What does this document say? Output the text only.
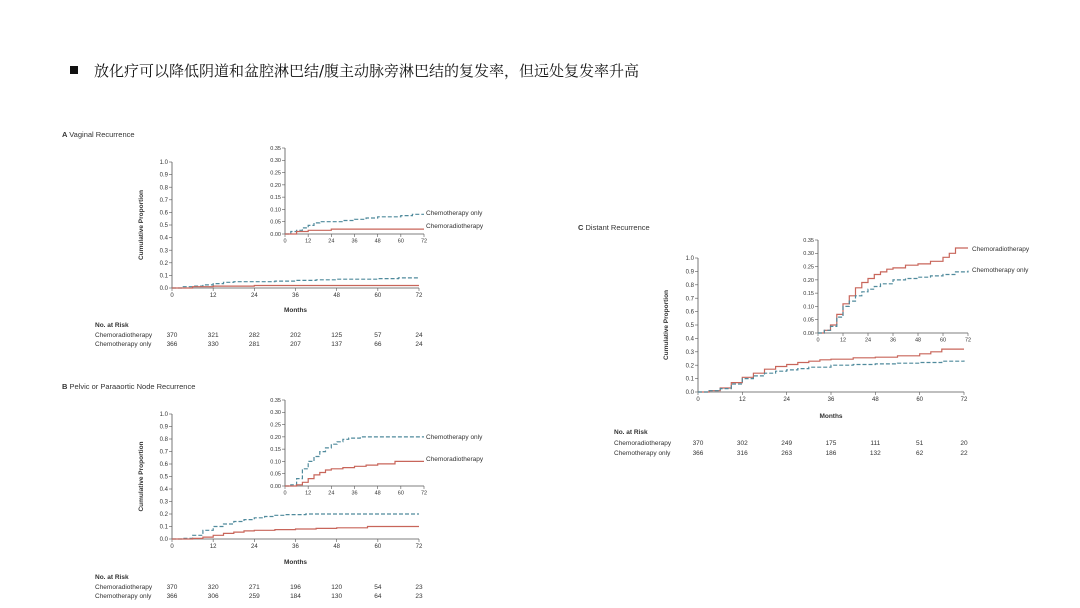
放化疗可以降低阴道和盆腔淋巴结/腹主动脉旁淋巴结的复发率，但远处复发率升高
A Vaginal Recurrence
0	12	24	36	48	60	72
0.0
0.1
0.2
0.3
0.4
0.5
0.6
0.7
0.8
0.9
1.0
Cumulative Proportion
Months
0	12	24	36	48	60	72
0.00
0.05
0.10
0.15
0.20
0.25
0.30
0.35
Chemotherapy only
Chemoradiotherapy
No. at Risk
Chemoradiotherapy 370	321	282	202	125	57	24
Chemotherapy only 366	330	281	207	137	66	24
B Pelvic or Paraaortic Node Recurrence
0	12	24	36	48	60	72
0.0
0.1
0.2
0.3
0.4
0.5
0.6
0.7
0.8
0.9
1.0
Cumulative Proportion
Months
0	12	24	36	48	60	72
0.00
0.05
0.10
0.15
0.20
0.25
0.30
0.35
Chemotherapy only
Chemoradiotherapy
No. at Risk
Chemoradiotherapy 370	320	271	196	120	54	23
Chemotherapy only 366	306	259	184	130	64	23
C Distant Recurrence
0	12	24	36	48	60	72
0.0
0.1
0.2
0.3
0.4
0.5
0.6
0.7
0.8
0.9
1.0
Cumulative Proportion
Months
0	12	24	36	48	60	72
0.00
0.05
0.10
0.15
0.20
0.25
0.30
0.35
Chemoradiotherapy
Chemotherapy only
No. at Risk
Chemoradiotherapy	370	302	249	175	111	51	20
Chemotherapy only	366	316	263	186	132	62	22
